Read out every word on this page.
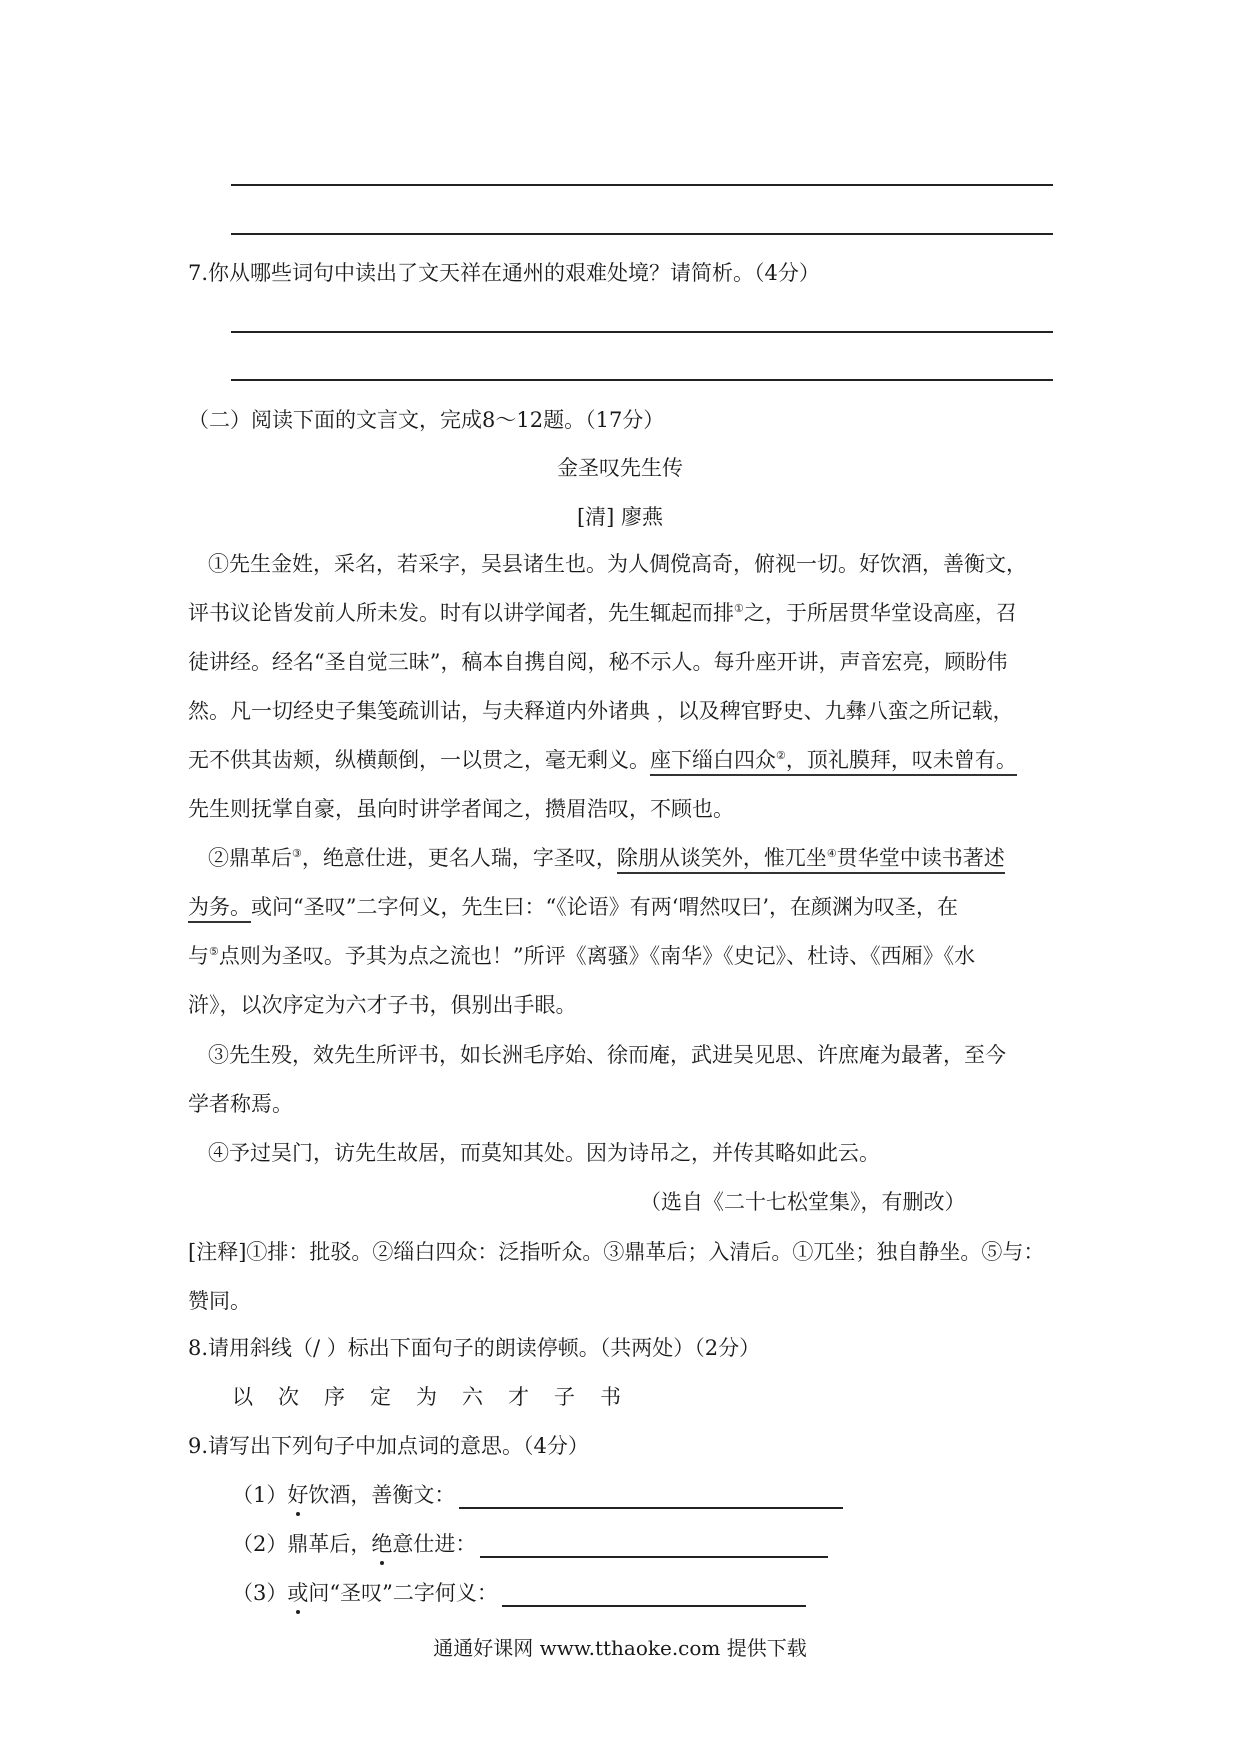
7.你从哪些词句中读出了文天祥在通州的艰难处境？请简析。（4分）
（二）阅读下面的文言文，完成8～12题。（17分）
金圣叹先生传
[清] 廖燕
①先生金姓，采名，若采字，吴县诸生也。为人倜傥高奇，俯视一切。好饮酒，善衡文，
评书议论皆发前人所未发。时有以讲学闻者，先生辄起而排①之，于所居贯华堂设高座，召
徒讲经。经名“圣自觉三昧”，稿本自携自阅，秘不示人。每升座开讲，声音宏亮，顾盼伟
然。凡一切经史子集笺疏训诂，与夫释道内外诸典 ，以及稗官野史、九彝八蛮之所记载，
无不供其齿颊，纵横颠倒，一以贯之，毫无剩义。座下缁白四众②，顶礼膜拜，叹未曾有。
先生则抚掌自豪，虽向时讲学者闻之，攒眉浩叹，不顾也。
②鼎革后③，绝意仕进，更名人瑞，字圣叹，除朋从谈笑外，惟兀坐④贯华堂中读书著述
为务。或问“圣叹”二字何义，先生曰：“《论语》有两‘喟然叹曰’，在颜渊为叹圣，在
与⑤点则为圣叹。予其为点之流也！”所评《离骚》《南华》《史记》、杜诗、《西厢》《水
浒》，以次序定为六才子书，俱别出手眼。
③先生殁，效先生所评书，如长洲毛序始、徐而庵，武进吴见思、许庶庵为最著，至今
学者称焉。
④予过吴门，访先生故居，而莫知其处。因为诗吊之，并传其略如此云。
（选自《二十七松堂集》，有删改）
[注释]①排：批驳。②缁白四众：泛指听众。③鼎革后；入清后。①兀坐；独自静坐。⑤与：
赞同。
8.请用斜线（/ ）标出下面句子的朗读停顿。（共两处）（2分）
以 次 序 定 为 六 才 子 书
9.请写出下列句子中加点词的意思。（4分）
（1）好饮酒，善衡文：
（2）鼎革后，绝意仕进：
（3）或问“圣叹”二字何义：
通通好课网 www.tthaoke.com 提供下载
